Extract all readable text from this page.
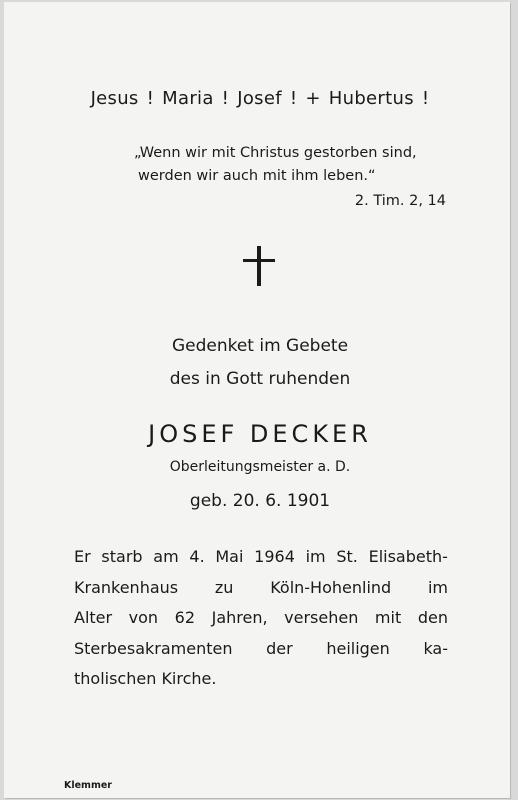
Jesus ! Maria ! Josef ! + Hubertus !
„Wenn wir mit Christus gestorben sind,
werden wir auch mit ihm leben.“
2. Tim. 2, 14
Gedenket im Gebete
des in Gott ruhenden
JOSEF DECKER
Oberleitungsmeister a. D.
geb. 20. 6. 1901
Er starb am 4. Mai 1964 im St. Elisabeth-
Krankenhaus zu Köln-Hohenlind im
Alter von 62 Jahren, versehen mit den
Sterbesakramenten der heiligen ka-
tholischen Kirche.
Klemmer
